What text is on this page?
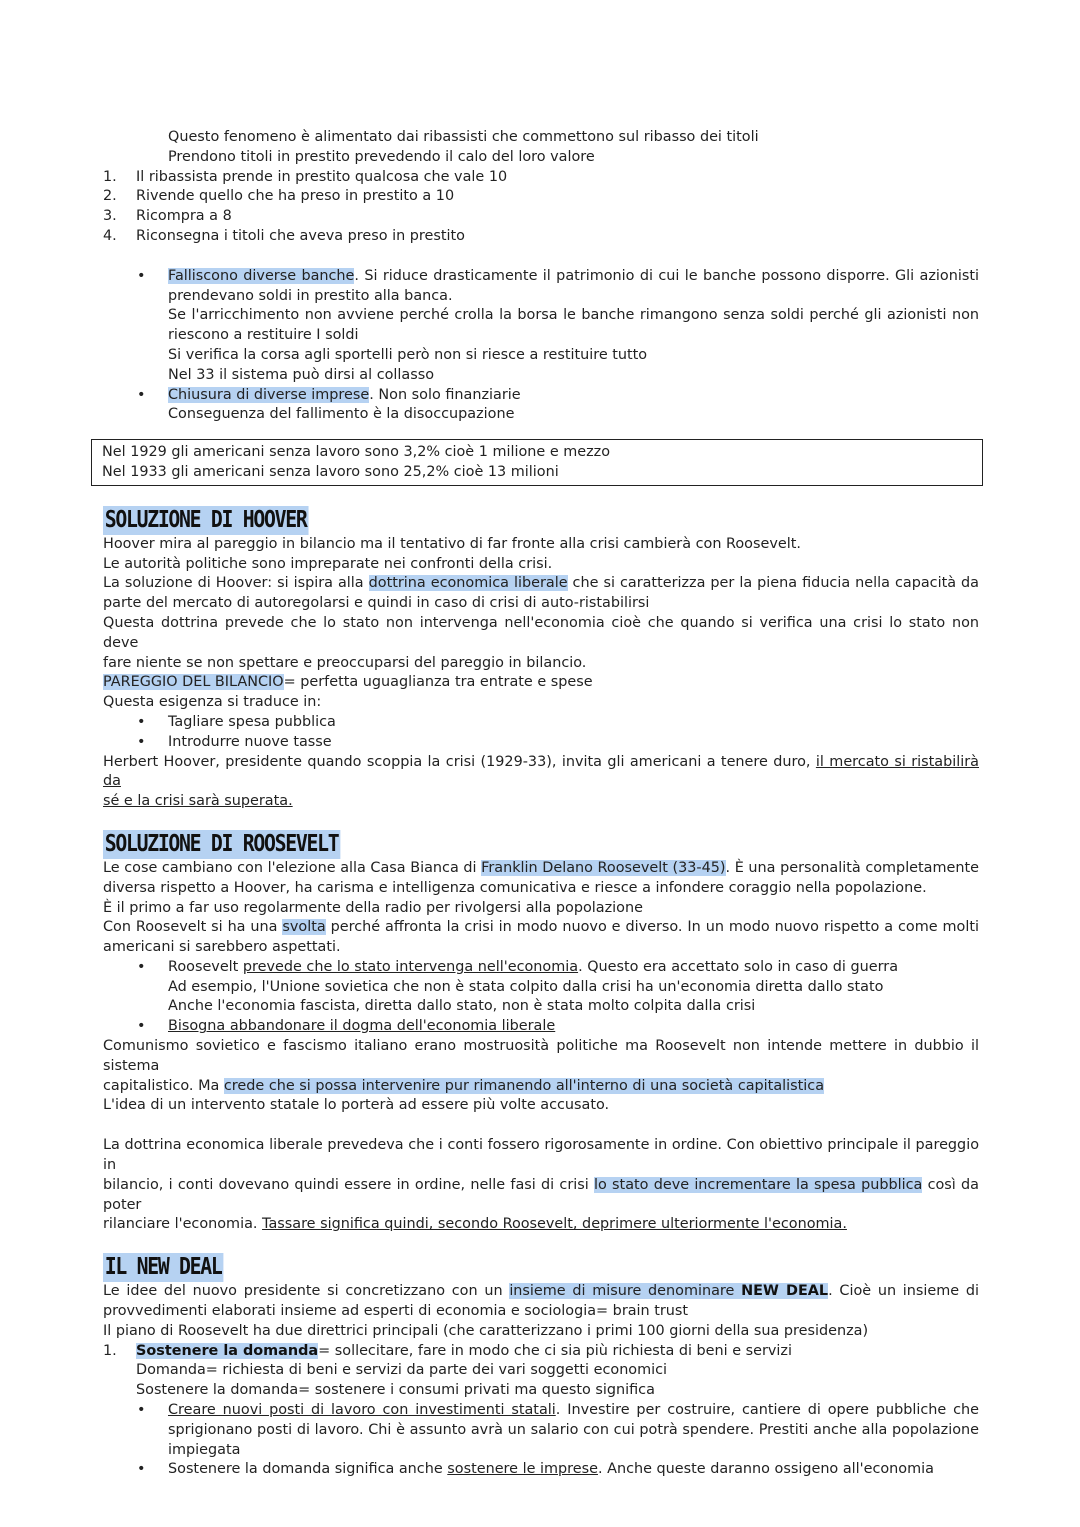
Questo fenomeno è alimentato dai ribassisti che commettono sul ribasso dei titoli
Prendono titoli in prestito prevedendo il calo del loro valore
1. Il ribassista prende in prestito qualcosa che vale 10
2. Rivende quello che ha preso in prestito a 10
3. Ricompra a 8
4. Riconsegna i titoli che aveva preso in prestito
• Falliscono diverse banche. Si riduce drasticamente il patrimonio di cui le banche possono disporre. Gli azionisti
prendevano soldi in prestito alla banca.
Se l'arricchimento non avviene perché crolla la borsa le banche rimangono senza soldi perché gli azionisti non
riescono a restituire I soldi
Si verifica la corsa agli sportelli però non si riesce a restituire tutto
Nel 33 il sistema può dirsi al collasso
• Chiusura di diverse imprese. Non solo finanziarie
Conseguenza del fallimento è la disoccupazione
Nel 1929 gli americani senza lavoro sono 3,2% cioè 1 milione e mezzo
Nel 1933 gli americani senza lavoro sono 25,2% cioè 13 milioni
SOLUZIONE DI HOOVER
Hoover mira al pareggio in bilancio ma il tentativo di far fronte alla crisi cambierà con Roosevelt.
Le autorità politiche sono impreparate nei confronti della crisi.
La soluzione di Hoover: si ispira alla dottrina economica liberale che si caratterizza per la piena fiducia nella capacità da
parte del mercato di autoregolarsi e quindi in caso di crisi di auto-ristabilirsi
Questa dottrina prevede che lo stato non intervenga nell'economia cioè che quando si verifica una crisi lo stato non deve
fare niente se non spettare e preoccuparsi del pareggio in bilancio.
PAREGGIO DEL BILANCIO= perfetta uguaglianza tra entrate e spese
Questa esigenza si traduce in:
• Tagliare spesa pubblica
• Introdurre nuove tasse
Herbert Hoover, presidente quando scoppia la crisi (1929-33), invita gli americani a tenere duro, il mercato si ristabilirà da
sé e la crisi sarà superata.
SOLUZIONE DI ROOSEVELT
Le cose cambiano con l'elezione alla Casa Bianca di Franklin Delano Roosevelt (33-45). È una personalità completamente
diversa rispetto a Hoover, ha carisma e intelligenza comunicativa e riesce a infondere coraggio nella popolazione.
È il primo a far uso regolarmente della radio per rivolgersi alla popolazione
Con Roosevelt si ha una svolta perché affronta la crisi in modo nuovo e diverso. In un modo nuovo rispetto a come molti
americani si sarebbero aspettati.
• Roosevelt prevede che lo stato intervenga nell'economia. Questo era accettato solo in caso di guerra
Ad esempio, l'Unione sovietica che non è stata colpito dalla crisi ha un'economia diretta dallo stato
Anche l'economia fascista, diretta dallo stato, non è stata molto colpita dalla crisi
• Bisogna abbandonare il dogma dell'economia liberale
Comunismo sovietico e fascismo italiano erano mostruosità politiche ma Roosevelt non intende mettere in dubbio il sistema
capitalistico. Ma crede che si possa intervenire pur rimanendo all'interno di una società capitalistica
L'idea di un intervento statale lo porterà ad essere più volte accusato.
La dottrina economica liberale prevedeva che i conti fossero rigorosamente in ordine. Con obiettivo principale il pareggio in
bilancio, i conti dovevano quindi essere in ordine, nelle fasi di crisi lo stato deve incrementare la spesa pubblica così da poter
rilanciare l'economia. Tassare significa quindi, secondo Roosevelt, deprimere ulteriormente l'economia.
IL NEW DEAL
Le idee del nuovo presidente si concretizzano con un insieme di misure denominare NEW DEAL. Cioè un insieme di
provvedimenti elaborati insieme ad esperti di economia e sociologia= brain trust
Il piano di Roosevelt ha due direttrici principali (che caratterizzano i primi 100 giorni della sua presidenza)
1. Sostenere la domanda= sollecitare, fare in modo che ci sia più richiesta di beni e servizi
Domanda= richiesta di beni e servizi da parte dei vari soggetti economici
Sostenere la domanda= sostenere i consumi privati ma questo significa
• Creare nuovi posti di lavoro con investimenti statali. Investire per costruire, cantiere di opere pubbliche che
sprigionano posti di lavoro. Chi è assunto avrà un salario con cui potrà spendere. Prestiti anche alla popolazione
impiegata
• Sostenere la domanda significa anche sostenere le imprese. Anche queste daranno ossigeno all'economia
